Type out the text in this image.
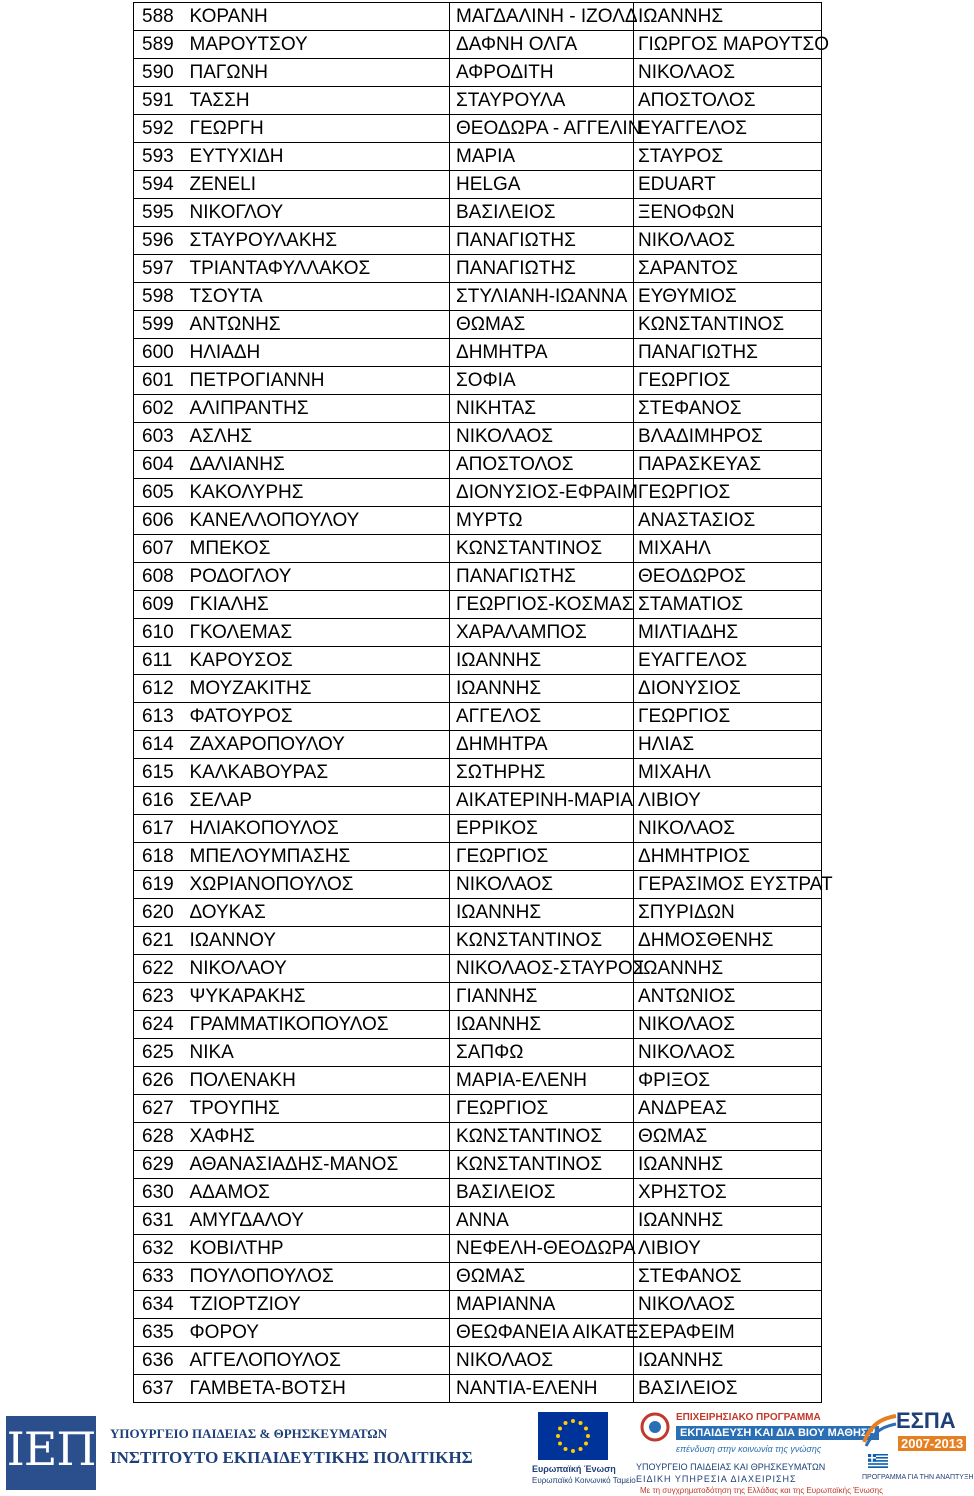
588	ΚΟΡΑΝΗ	ΜΑΓΔΑΛΙΝΗ - ΙΖΟΛΔ	ΙΩΑΝΝΗΣ
589	ΜΑΡΟΥΤΣΟΥ	ΔΑΦΝΗ ΟΛΓΑ	ΓΙΩΡΓΟΣ ΜΑΡΟΥΤΣΟ
590	ΠΑΓΩΝΗ	ΑΦΡΟΔΙΤΗ	ΝΙΚΟΛΑΟΣ
591	ΤΑΣΣΗ	ΣΤΑΥΡΟΥΛΑ	ΑΠΟΣΤΟΛΟΣ
592	ΓΕΩΡΓΗ	ΘΕΟΔΩΡΑ - ΑΓΓΕΛΙΝ	ΕΥΑΓΓΕΛΟΣ
593	ΕΥΤΥΧΙΔΗ	ΜΑΡΙΑ	ΣΤΑΥΡΟΣ
594	ZENELI	HELGA	EDUART
595	ΝΙΚΟΓΛΟΥ	ΒΑΣΙΛΕΙΟΣ	ΞΕΝΟΦΩΝ
596	ΣΤΑΥΡΟΥΛΑΚΗΣ	ΠΑΝΑΓΙΩΤΗΣ	ΝΙΚΟΛΑΟΣ
597	ΤΡΙΑΝΤΑΦΥΛΛΑΚΟΣ	ΠΑΝΑΓΙΩΤΗΣ	ΣΑΡΑΝΤΟΣ
598	ΤΣΟΥΤΑ	ΣΤΥΛΙΑΝΗ-ΙΩΑΝΝΑ	ΕΥΘΥΜΙΟΣ
599	ΑΝΤΩΝΗΣ	ΘΩΜΑΣ	ΚΩΝΣΤΑΝΤΙΝΟΣ
600	ΗΛΙΑΔΗ	ΔΗΜΗΤΡΑ	ΠΑΝΑΓΙΩΤΗΣ
601	ΠΕΤΡΟΓΙΑΝΝΗ	ΣΟΦΙΑ	ΓΕΩΡΓΙΟΣ
602	ΑΛΙΠΡΑΝΤΗΣ	ΝΙΚΗΤΑΣ	ΣΤΕΦΑΝΟΣ
603	ΑΣΛΗΣ	ΝΙΚΟΛΑΟΣ	ΒΛΑΔΙΜΗΡΟΣ
604	ΔΑΛΙΑΝΗΣ	ΑΠΟΣΤΟΛΟΣ	ΠΑΡΑΣΚΕΥΑΣ
605	ΚΑΚΟΛΥΡΗΣ	ΔΙΟΝΥΣΙΟΣ-ΕΦΡΑΙΜ	ΓΕΩΡΓΙΟΣ
606	ΚΑΝΕΛΛΟΠΟΥΛΟΥ	ΜΥΡΤΩ	ΑΝΑΣΤΑΣΙΟΣ
607	ΜΠΕΚΟΣ	ΚΩΝΣΤΑΝΤΙΝΟΣ	ΜΙΧΑΗΛ
608	ΡΟΔΟΓΛΟΥ	ΠΑΝΑΓΙΩΤΗΣ	ΘΕΟΔΩΡΟΣ
609	ΓΚΙΑΛΗΣ	ΓΕΩΡΓΙΟΣ-ΚΟΣΜΑΣ	ΣΤΑΜΑΤΙΟΣ
610	ΓΚΟΛΕΜΑΣ	ΧΑΡΑΛΑΜΠΟΣ	ΜΙΛΤΙΑΔΗΣ
611	ΚΑΡΟΥΣΟΣ	ΙΩΑΝΝΗΣ	ΕΥΑΓΓΕΛΟΣ
612	ΜΟΥΖΑΚΙΤΗΣ	ΙΩΑΝΝΗΣ	ΔΙΟΝΥΣΙΟΣ
613	ΦΑΤΟΥΡΟΣ	ΑΓΓΕΛΟΣ	ΓΕΩΡΓΙΟΣ
614	ΖΑΧΑΡΟΠΟΥΛΟΥ	ΔΗΜΗΤΡΑ	ΗΛΙΑΣ
615	ΚΑΛΚΑΒΟΥΡΑΣ	ΣΩΤΗΡΗΣ	ΜΙΧΑΗΛ
616	ΣΕΛΑΡ	ΑΙΚΑΤΕΡΙΝΗ-ΜΑΡΙΑ	ΛΙΒΙΟΥ
617	ΗΛΙΑΚΟΠΟΥΛΟΣ	ΕΡΡΙΚΟΣ	ΝΙΚΟΛΑΟΣ
618	ΜΠΕΛΟΥΜΠΑΣΗΣ	ΓΕΩΡΓΙΟΣ	ΔΗΜΗΤΡΙΟΣ
619	ΧΩΡΙΑΝΟΠΟΥΛΟΣ	ΝΙΚΟΛΑΟΣ	ΓΕΡΑΣΙΜΟΣ ΕΥΣΤΡΑΤ
620	ΔΟΥΚΑΣ	ΙΩΑΝΝΗΣ	ΣΠΥΡΙΔΩΝ
621	ΙΩΑΝΝΟΥ	ΚΩΝΣΤΑΝΤΙΝΟΣ	ΔΗΜΟΣΘΕΝΗΣ
622	ΝΙΚΟΛΑΟΥ	ΝΙΚΟΛΑΟΣ-ΣΤΑΥΡΟΣ	ΙΩΑΝΝΗΣ
623	ΨΥΚΑΡΑΚΗΣ	ΓΙΑΝΝΗΣ	ΑΝΤΩΝΙΟΣ
624	ΓΡΑΜΜΑΤΙΚΟΠΟΥΛΟΣ	ΙΩΑΝΝΗΣ	ΝΙΚΟΛΑΟΣ
625	ΝΙΚΑ	ΣΑΠΦΩ	ΝΙΚΟΛΑΟΣ
626	ΠΟΛΕΝΑΚΗ	ΜΑΡΙΑ-ΕΛΕΝΗ	ΦΡΙΞΟΣ
627	ΤΡΟΥΠΗΣ	ΓΕΩΡΓΙΟΣ	ΑΝΔΡΕΑΣ
628	ΧΑΦΗΣ	ΚΩΝΣΤΑΝΤΙΝΟΣ	ΘΩΜΑΣ
629	ΑΘΑΝΑΣΙΑΔΗΣ-ΜΑΝΟΣ	ΚΩΝΣΤΑΝΤΙΝΟΣ	ΙΩΑΝΝΗΣ
630	ΑΔΑΜΟΣ	ΒΑΣΙΛΕΙΟΣ	ΧΡΗΣΤΟΣ
631	ΑΜΥΓΔΑΛΟΥ	ΑΝΝΑ	ΙΩΑΝΝΗΣ
632	ΚΟΒΙΛΤΗΡ	ΝΕΦΕΛΗ-ΘΕΟΔΩΡΑ	ΛΙΒΙΟΥ
633	ΠΟΥΛΟΠΟΥΛΟΣ	ΘΩΜΑΣ	ΣΤΕΦΑΝΟΣ
634	ΤΖΙΟΡΤΖΙΟΥ	ΜΑΡΙΑΝΝΑ	ΝΙΚΟΛΑΟΣ
635	ΦΟΡΟΥ	ΘΕΩΦΑΝΕΙΑ ΑΙΚΑΤΕ	ΣΕΡΑΦΕΙΜ
636	ΑΓΓΕΛΟΠΟΥΛΟΣ	ΝΙΚΟΛΑΟΣ	ΙΩΑΝΝΗΣ
637	ΓΑΜΒΕΤΑ-ΒΟΤΣΗ	ΝΑΝΤΙΑ-ΕΛΕΝΗ	ΒΑΣΙΛΕΙΟΣ
ΙΕΠ ΥΠΟΥΡΓΕΙΟ ΠΑΙΔΕΙΑΣ & ΘΡΗΣΚΕΥΜΑΤΩΝ
ΙΝΣΤΙΤΟΥΤΟ ΕΚΠΑΙΔΕΥΤΙΚΗΣ ΠΟΛΙΤΙΚΗΣ
Ευρωπαϊκή Ένωση
Ευρωπαϊκό Κοινωνικό Ταμείο
ΕΠΙΧΕΙΡΗΣΙΑΚΟ ΠΡΟΓΡΑΜΜΑ
ΕΚΠΑΙΔΕΥΣΗ ΚΑΙ ΔΙΑ ΒΙΟΥ ΜΑΘΗΣΗ
επένδυση στην κοινωνία της γνώσης
ΥΠΟΥΡΓΕΙΟ ΠΑΙΔΕΙΑΣ ΚΑΙ ΘΡΗΣΚΕΥΜΑΤΩΝ
ΕΙΔΙΚΗ ΥΠΗΡΕΣΙΑ ΔΙΑΧΕΙΡΙΣΗΣ
Με τη συγχρηματοδότηση της Ελλάδας και της Ευρωπαϊκής Ένωσης
ΕΣΠΑ
2007-2013
ΠΡΟΓΡΑΜΜΑ ΓΙΑ ΤΗΝ ΑΝΑΠΤΥΞΗ
